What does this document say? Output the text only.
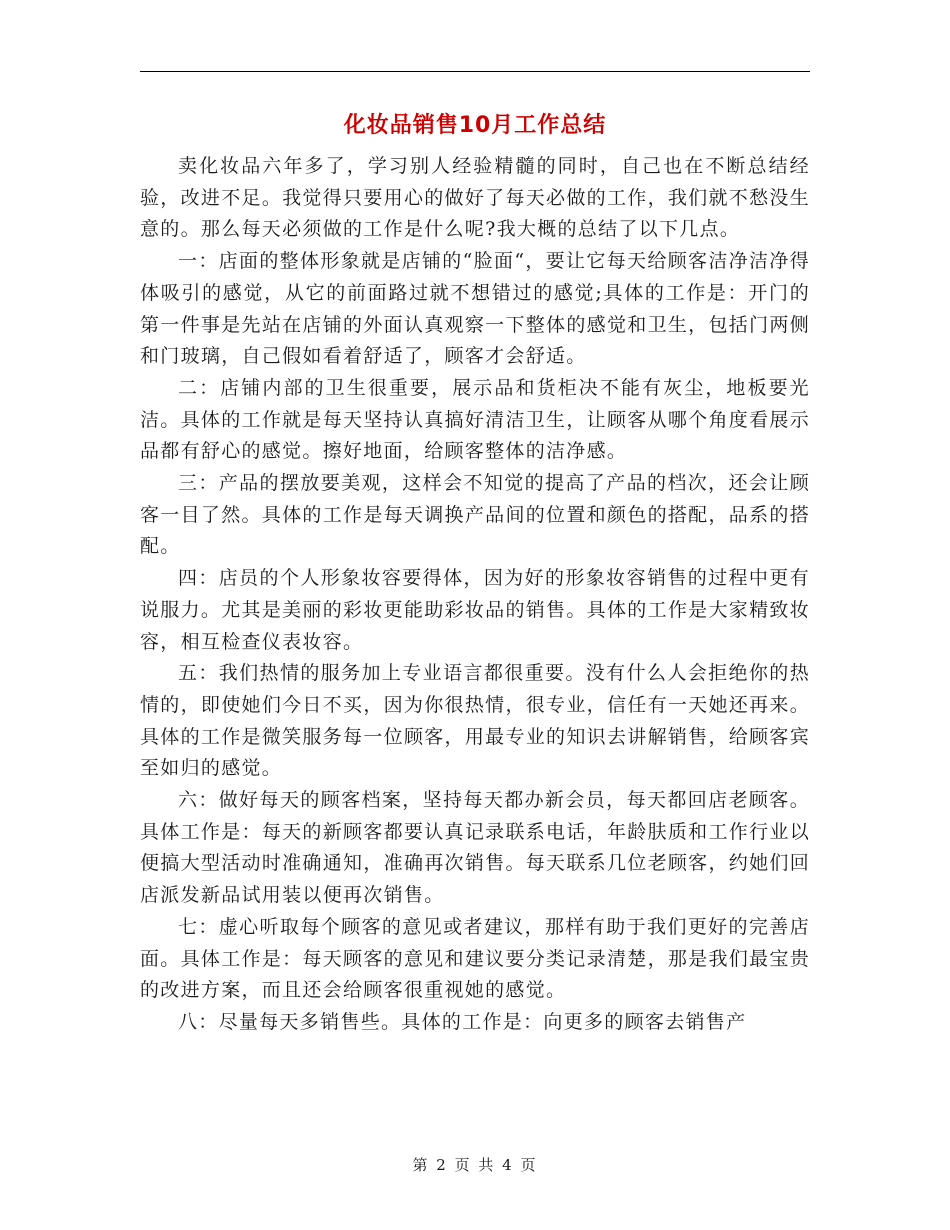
化妆品销售10月工作总结

卖化妆品六年多了，学习别人经验精髓的同时，自己也在不断总结经验，改进不足。我觉得只要用心的做好了每天必做的工作，我们就不愁没生意的。那么每天必须做的工作是什么呢?我大概的总结了以下几点。

一：店面的整体形象就是店铺的“脸面“，要让它每天给顾客洁净洁净得体吸引的感觉，从它的前面路过就不想错过的感觉;具体的工作是：开门的第一件事是先站在店铺的外面认真观察一下整体的感觉和卫生，包括门两侧和门玻璃，自己假如看着舒适了，顾客才会舒适。

二：店铺内部的卫生很重要，展示品和货柜决不能有灰尘，地板要光洁。具体的工作就是每天坚持认真搞好清洁卫生，让顾客从哪个角度看展示品都有舒心的感觉。擦好地面，给顾客整体的洁净感。

三：产品的摆放要美观，这样会不知觉的提高了产品的档次，还会让顾客一目了然。具体的工作是每天调换产品间的位置和颜色的搭配，品系的搭配。

四：店员的个人形象妆容要得体，因为好的形象妆容销售的过程中更有说服力。尤其是美丽的彩妆更能助彩妆品的销售。具体的工作是大家精致妆容，相互检查仪表妆容。

五：我们热情的服务加上专业语言都很重要。没有什么人会拒绝你的热情的，即使她们今日不买，因为你很热情，很专业，信任有一天她还再来。具体的工作是微笑服务每一位顾客，用最专业的知识去讲解销售，给顾客宾至如归的感觉。

六：做好每天的顾客档案，坚持每天都办新会员，每天都回店老顾客。具体工作是：每天的新顾客都要认真记录联系电话，年龄肤质和工作行业以便搞大型活动时准确通知，准确再次销售。每天联系几位老顾客，约她们回店派发新品试用装以便再次销售。

七：虚心听取每个顾客的意见或者建议，那样有助于我们更好的完善店面。具体工作是：每天顾客的意见和建议要分类记录清楚，那是我们最宝贵的改进方案，而且还会给顾客很重视她的感觉。

八：尽量每天多销售些。具体的工作是：向更多的顾客去销售产

第 2 页 共 4 页
